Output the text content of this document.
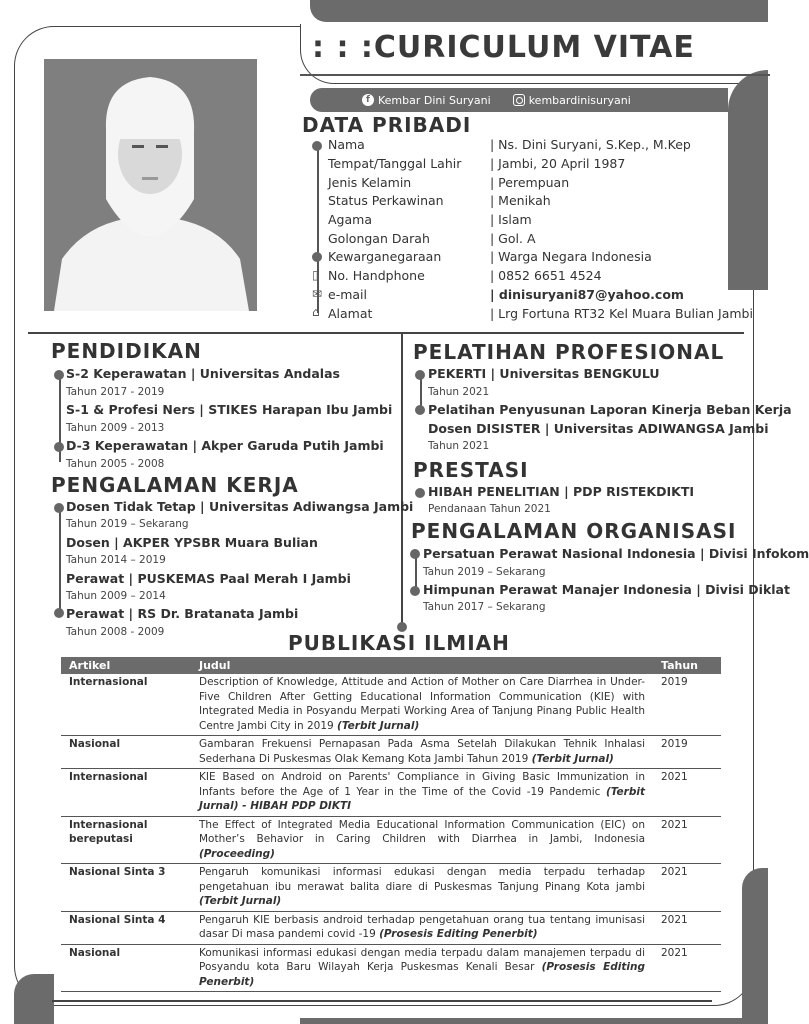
: : :CURICULUM VITAE
f Kembar Dini Suryani	kembardinisuryani
DATA PRIBADI
▯
✉
⌂
Nama	| Ns. Dini Suryani, S.Kep., M.Kep
Tempat/Tanggal Lahir | Jambi, 20 April 1987
Jenis Kelamin	| Perempuan
Status Perkawinan	| Menikah
Agama	| Islam
Golongan Darah	| Gol. A
Kewarganegaraan	| Warga Negara Indonesia
No. Handphone	| 0852 6651 4524
e-mail	| dinisuryani87@yahoo.com
Alamat	| Lrg Fortuna RT32 Kel Muara Bulian Jambi
PENDIDIKAN
S-2 Keperawatan | Universitas Andalas
Tahun 2017 - 2019
S-1 & Profesi Ners | STIKES Harapan Ibu Jambi
Tahun 2009 - 2013
D-3 Keperawatan | Akper Garuda Putih Jambi
Tahun 2005 - 2008
PENGALAMAN KERJA
Dosen Tidak Tetap | Universitas Adiwangsa Jambi
Tahun 2019 – Sekarang
Dosen | AKPER YPSBR Muara Bulian
Tahun 2014 – 2019
Perawat | PUSKEMAS Paal Merah I Jambi
Tahun 2009 – 2014
Perawat | RS Dr. Bratanata Jambi
Tahun 2008 - 2009
PELATIHAN PROFESIONAL
PEKERTI | Universitas BENGKULU
Tahun 2021
Pelatihan Penyusunan Laporan Kinerja Beban Kerja
Dosen DISISTER | Universitas ADIWANGSA Jambi
Tahun 2021
PRESTASI
HIBAH PENELITIAN | PDP RISTEKDIKTI
Pendanaan Tahun 2021
PENGALAMAN ORGANISASI
Persatuan Perawat Nasional Indonesia | Divisi Infokom
Tahun 2019 – Sekarang
Himpunan Perawat Manajer Indonesia | Divisi Diklat
Tahun 2017 – Sekarang
PUBLIKASI ILMIAH
Artikel	Judul	Tahun
Internasional	Description of Knowledge, Attitude and Action of Mother on Care Diarrhea in Under-Five Children After Getting Educational Information Communication (KIE) with Integrated Media in Posyandu Merpati Working Area of Tanjung Pinang Public Health Centre Jambi City in 2019 (Terbit Jurnal)	2019
Nasional	Gambaran Frekuensi Pernapasan Pada Asma Setelah Dilakukan Tehnik Inhalasi Sederhana Di Puskesmas Olak Kemang Kota Jambi Tahun 2019 (Terbit Jurnal)	2019
Internasional	KIE Based on Android on Parents' Compliance in Giving Basic Immunization in Infants before the Age of 1 Year in the Time of the Covid -19 Pandemic (Terbit Jurnal) - HIBAH PDP DIKTI	2021
Internasional bereputasi	The Effect of Integrated Media Educational Information Communication (EIC) on Mother’s Behavior in Caring Children with Diarrhea in Jambi, Indonesia (Proceeding)	2021
Nasional Sinta 3	Pengaruh komunikasi informasi edukasi dengan media terpadu terhadap pengetahuan ibu merawat balita diare di Puskesmas Tanjung Pinang Kota jambi (Terbit Jurnal)	2021
Nasional Sinta 4	Pengaruh KIE berbasis android terhadap pengetahuan orang tua tentang imunisasi dasar Di masa pandemi covid -19 (Prosesis Editing Penerbit)	2021
Nasional	Komunikasi informasi edukasi dengan media terpadu dalam manajemen terpadu di Posyandu kota Baru Wilayah Kerja Puskesmas Kenali Besar (Prosesis Editing Penerbit)	2021
